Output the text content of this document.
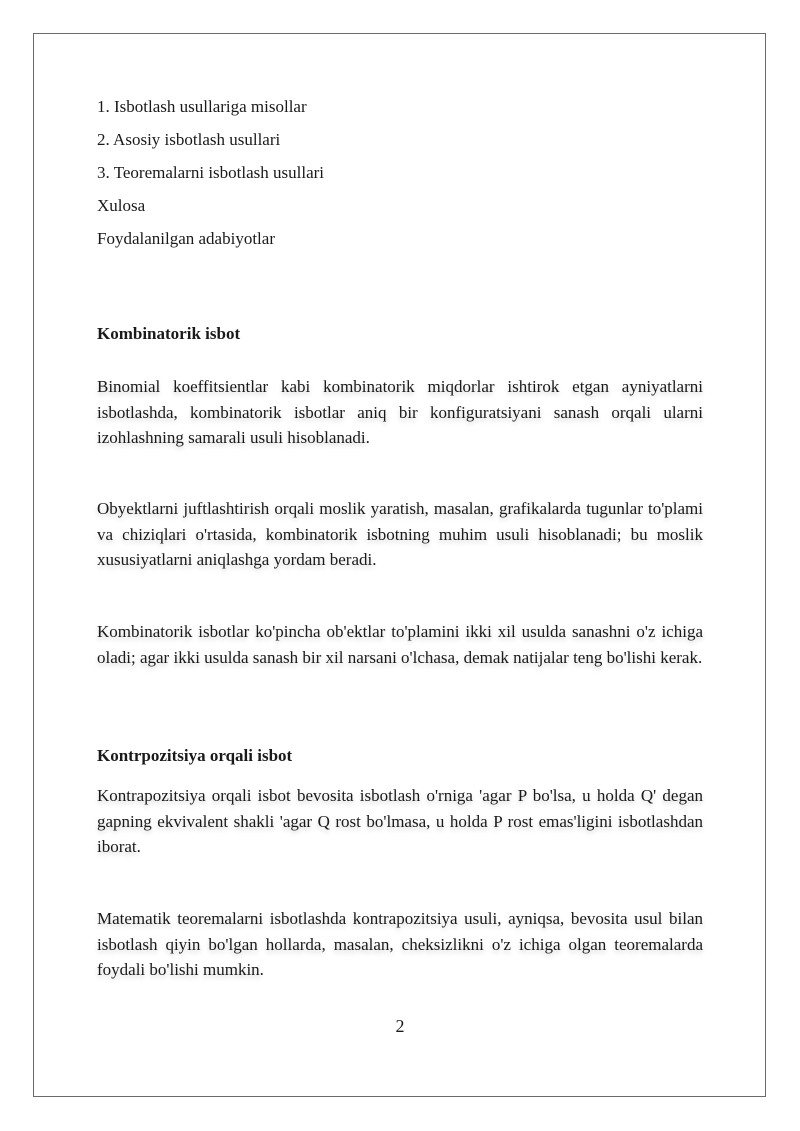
1. Isbotlash usullariga misollar
2. Asosiy isbotlash usullari
3. Teoremalarni isbotlash usullari
Xulosa
Foydalanilgan adabiyotlar
Kombinatorik isbot
Binomial koeffitsientlar kabi kombinatorik miqdorlar ishtirok etgan ayniyatlarni isbotlashda, kombinatorik isbotlar aniq bir konfiguratsiyani sanash orqali ularni izohlashning samarali usuli hisoblanadi.
Obyektlarni juftlashtirish orqali moslik yaratish, masalan, grafikalarda tugunlar to'plami va chiziqlari o'rtasida, kombinatorik isbotning muhim usuli hisoblanadi; bu moslik xususiyatlarni aniqlashga yordam beradi.
Kombinatorik isbotlar ko'pincha ob'ektlar to'plamini ikki xil usulda sanashni o'z ichiga oladi; agar ikki usulda sanash bir xil narsani o'lchasa, demak natijalar teng bo'lishi kerak.
Kontrpozitsiya orqali isbot
Kontrapozitsiya orqali isbot bevosita isbotlash o'rniga 'agar P bo'lsa, u holda Q' degan gapning ekvivalent shakli 'agar Q rost bo'lmasa, u holda P rost emas'ligini isbotlashdan iborat.
Matematik teoremalarni isbotlashda kontrapozitsiya usuli, ayniqsa, bevosita usul bilan isbotlash qiyin bo'lgan hollarda, masalan, cheksizlikni o'z ichiga olgan teoremalarda foydali bo'lishi mumkin.
2
